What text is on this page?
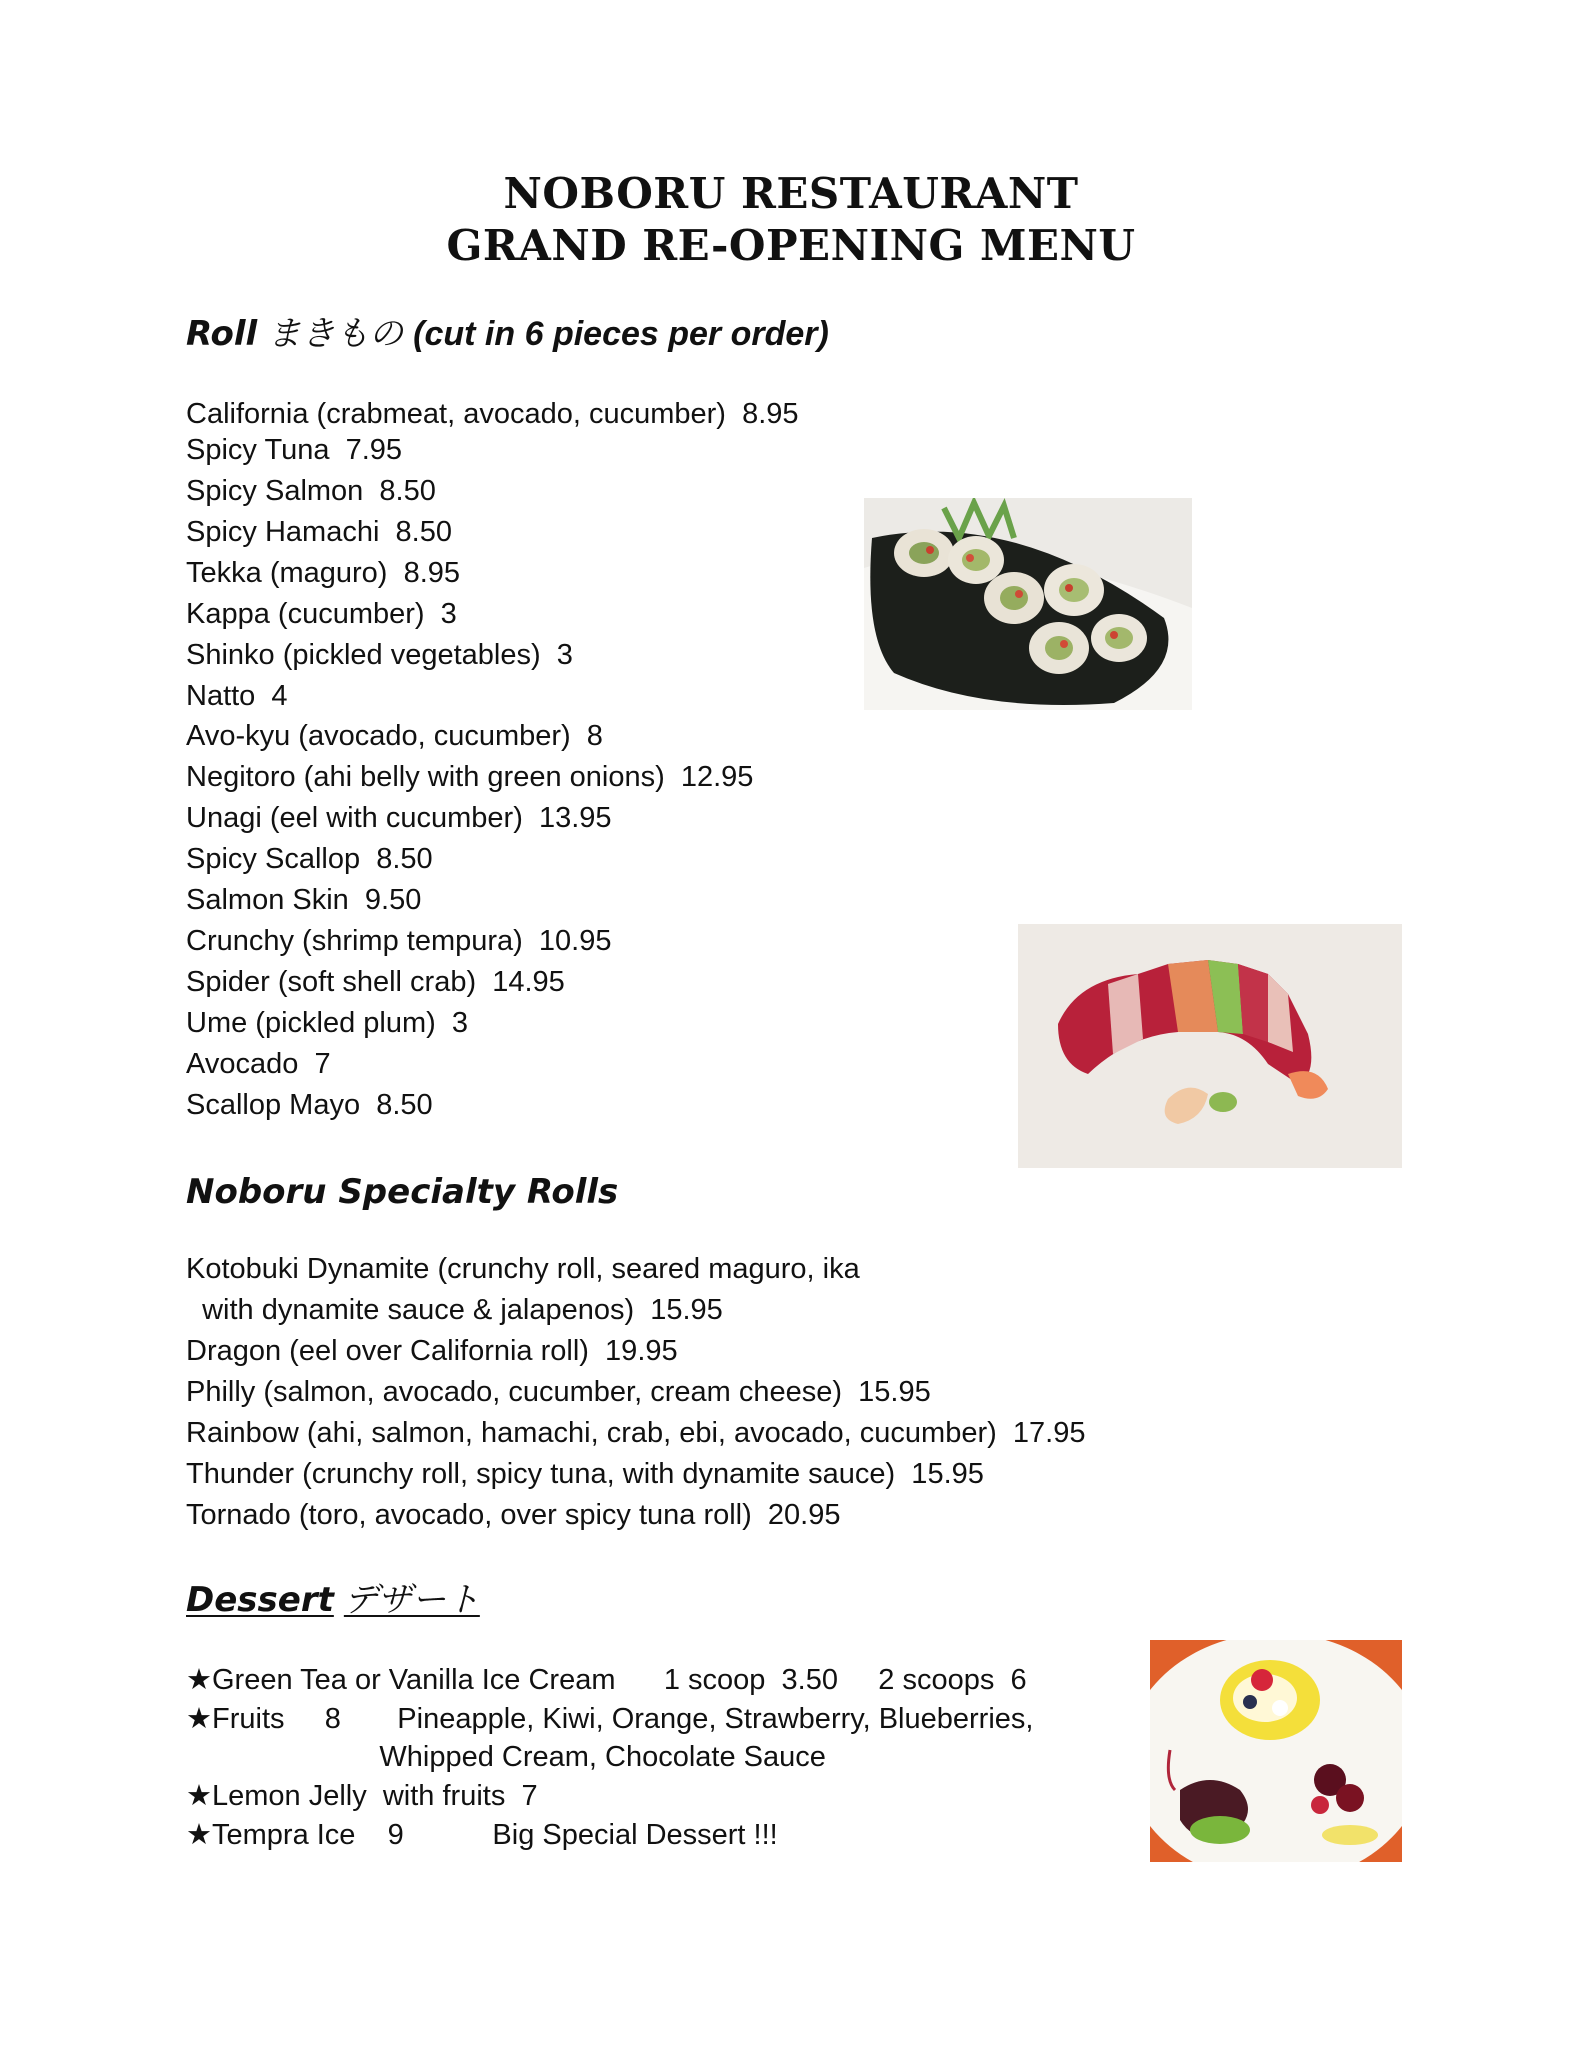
NOBORU RESTAURANT
GRAND RE-OPENING MENU
Roll まきもの (cut in 6 pieces per order)

California (crabmeat, avocado, cucumber)  8.95

Spicy Tuna  7.95

Spicy Salmon  8.50

Spicy Hamachi  8.50

Tekka (maguro)  8.95

Kappa (cucumber)  3

Shinko (pickled vegetables)  3

Natto  4

Avo-kyu (avocado, cucumber)  8

Negitoro (ahi belly with green onions)  12.95

Unagi (eel with cucumber)  13.95

Spicy Scallop  8.50

Salmon Skin  9.50

Crunchy (shrimp tempura)  10.95

Spider (soft shell crab)  14.95

Ume (pickled plum)  3

Avocado  7

Scallop Mayo  8.50

Noboru Specialty Rolls

Kotobuki Dynamite (crunchy roll, seared maguro, ika

with dynamite sauce & jalapenos)  15.95

Dragon (eel over California roll)  19.95

Philly (salmon, avocado, cucumber, cream cheese)  15.95

Rainbow (ahi, salmon, hamachi, crab, ebi, avocado, cucumber)  17.95

Thunder (crunchy roll, spicy tuna, with dynamite sauce)  15.95

Tornado (toro, avocado, over spicy tuna roll)  20.95

Dessert デザート

★Green Tea or Vanilla Ice Cream      1 scoop  3.50     2 scoops  6

★Fruits     8       Pineapple, Kiwi, Orange, Strawberry, Blueberries,

Whipped Cream, Chocolate Sauce

★Lemon Jelly  with fruits  7

★Tempra Ice    9           Big Special Dessert !!!
